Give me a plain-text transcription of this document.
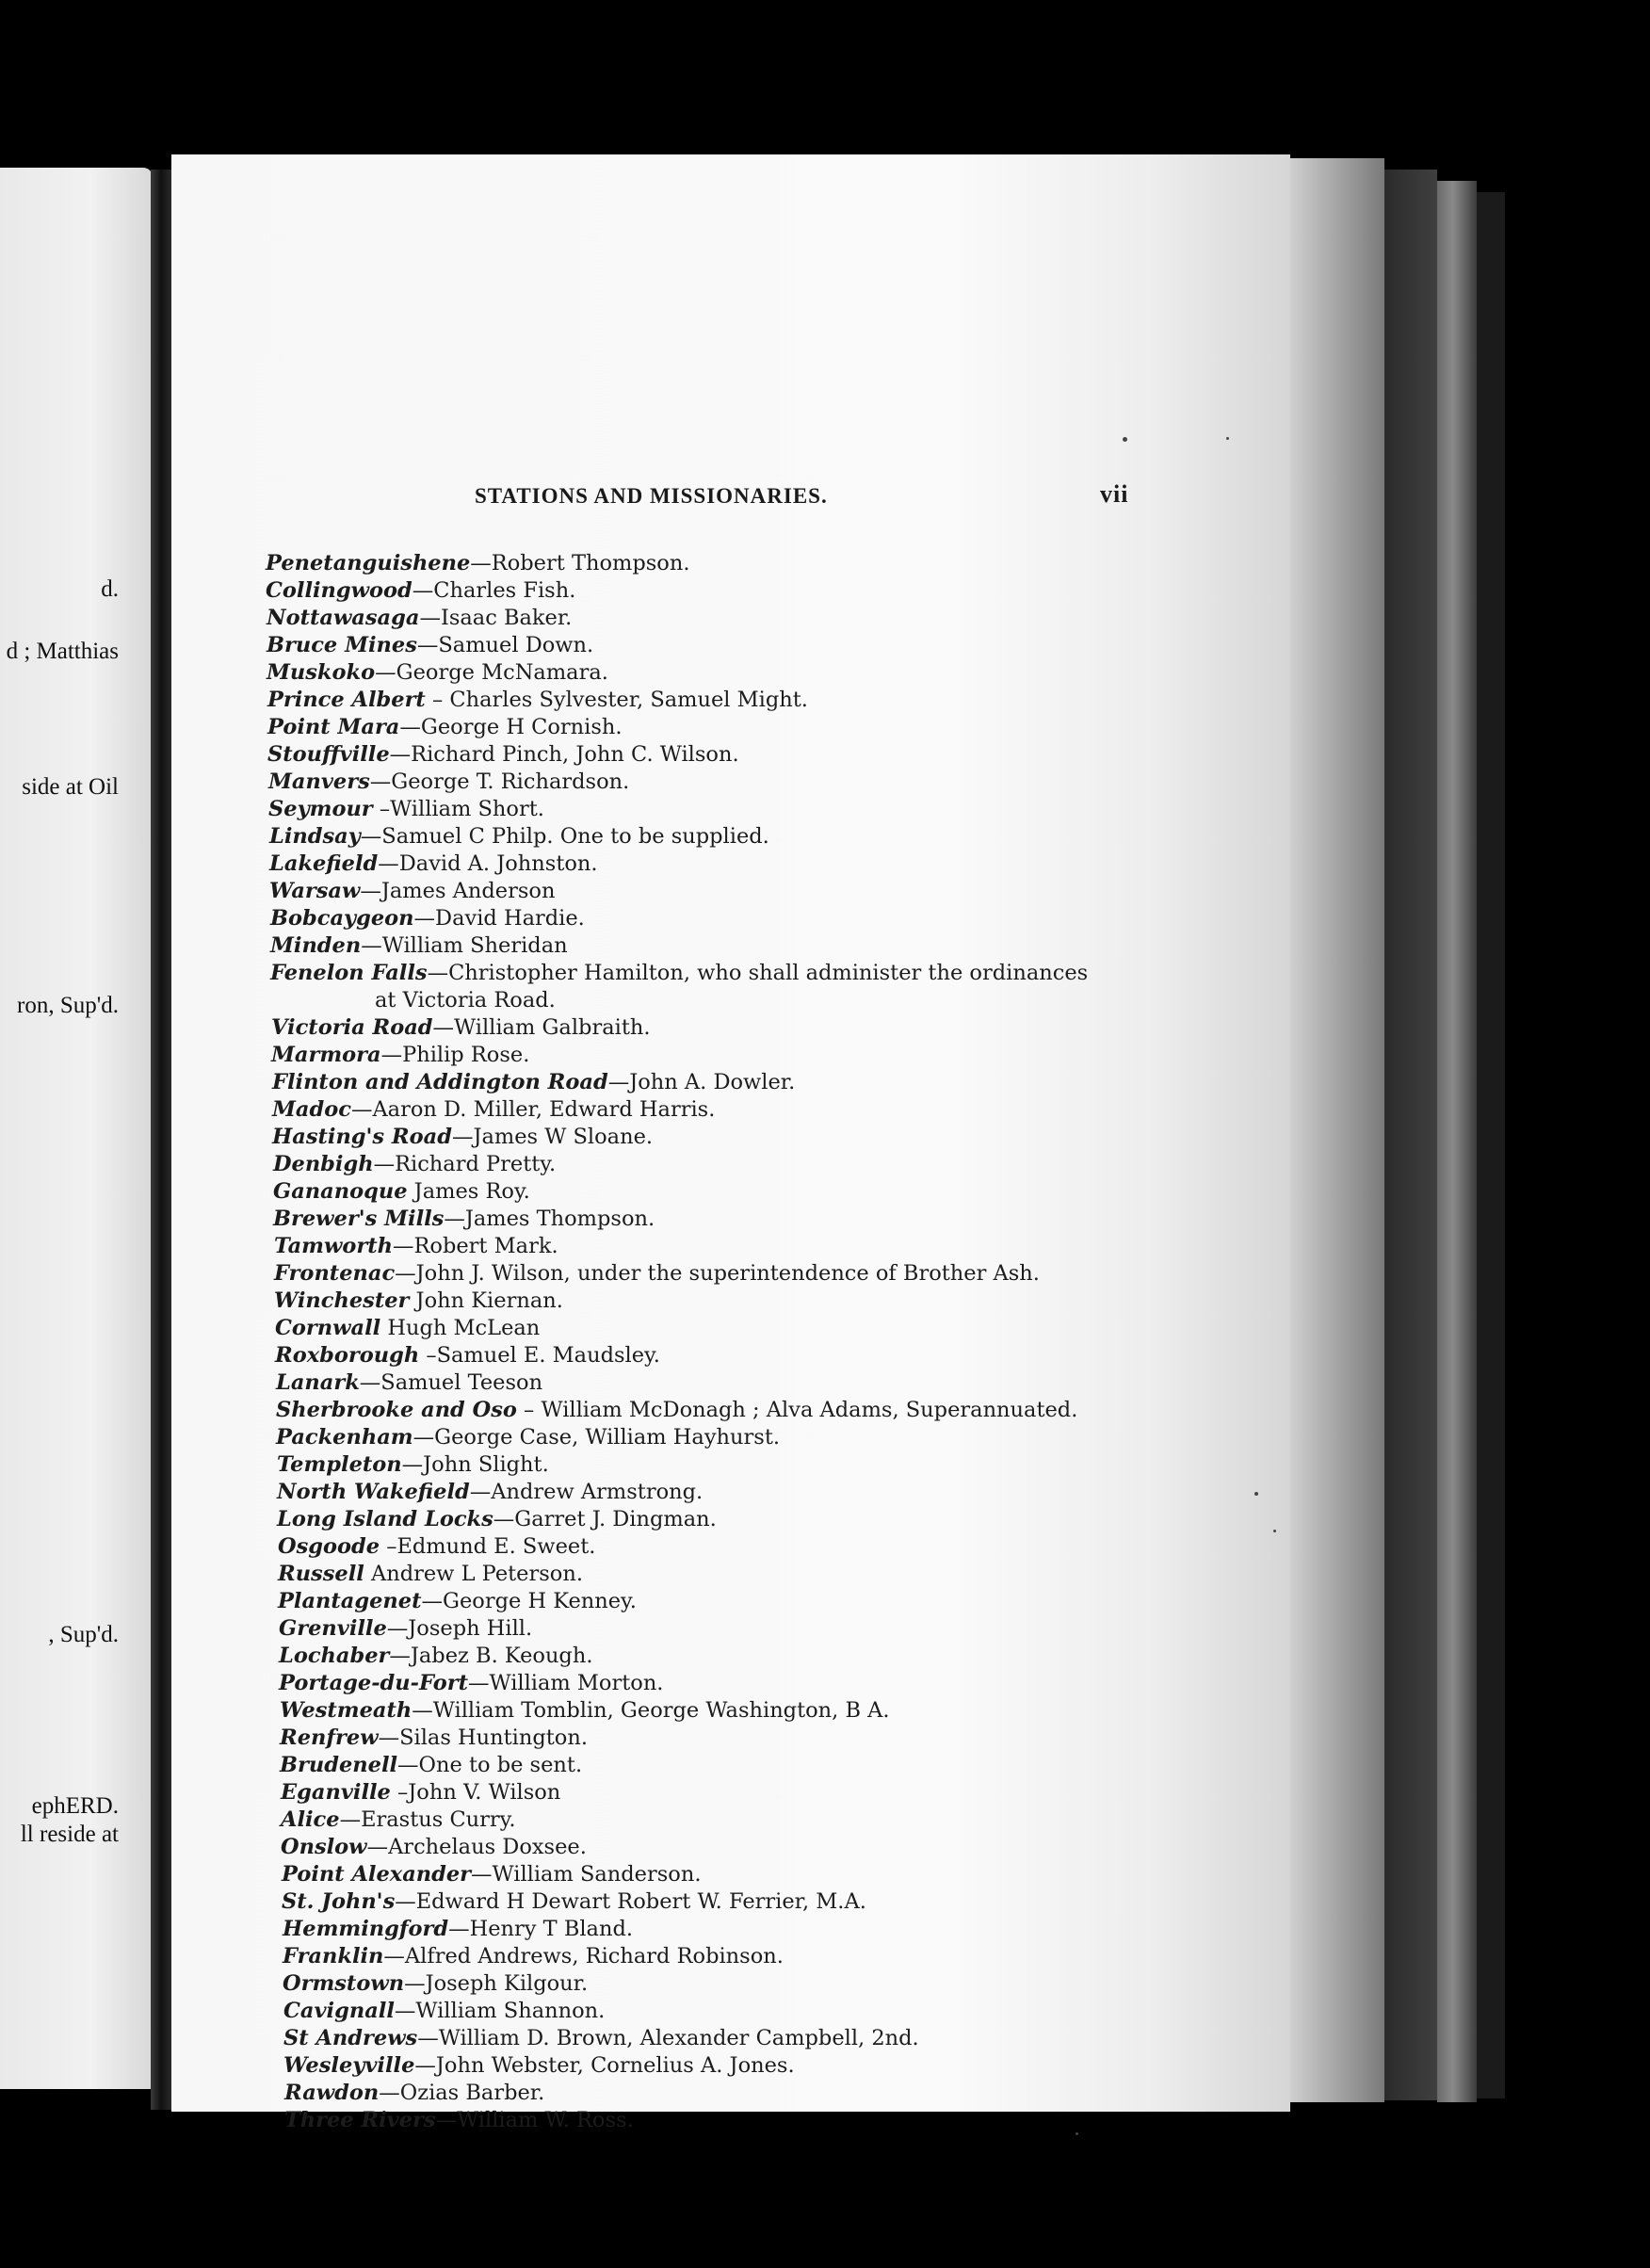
d.
d ; Matthias
side at Oil
ron, Sup'd.
, Sup'd.
ephERD.
ll reside at
STATIONS AND MISSIONARIES.	vii
Penetanguishene—Robert Thompson.
Collingwood—Charles Fish.
Nottawasaga—Isaac Baker.
Bruce Mines—Samuel Down.
Muskoko—George McNamara.
Prince Albert – Charles Sylvester, Samuel Might.
Point Mara—George H Cornish.
Stouffville—Richard Pinch, John C. Wilson.
Manvers—George T. Richardson.
Seymour –William Short.
Lindsay—Samuel C Philp. One to be supplied.
Lakefield—David A. Johnston.
Warsaw—James Anderson
Bobcaygeon—David Hardie.
Minden—William Sheridan
Fenelon Falls—Christopher Hamilton, who shall administer the ordinances
at Victoria Road.
Victoria Road—William Galbraith.
Marmora—Philip Rose.
Flinton and Addington Road—John A. Dowler.
Madoc—Aaron D. Miller, Edward Harris.
Hasting's Road—James W Sloane.
Denbigh—Richard Pretty.
Gananoque James Roy.
Brewer's Mills—James Thompson.
Tamworth—Robert Mark.
Frontenac—John J. Wilson, under the superintendence of Brother Ash.
Winchester John Kiernan.
Cornwall Hugh McLean
Roxborough –Samuel E. Maudsley.
Lanark—Samuel Teeson
Sherbrooke and Oso – William McDonagh ; Alva Adams, Superannuated.
Packenham—George Case, William Hayhurst.
Templeton—John Slight.
North Wakefield—Andrew Armstrong.
Long Island Locks—Garret J. Dingman.
Osgoode –Edmund E. Sweet.
Russell Andrew L Peterson.
Plantagenet—George H Kenney.
Grenville—Joseph Hill.
Lochaber—Jabez B. Keough.
Portage-du-Fort—William Morton.
Westmeath—William Tomblin, George Washington, B A.
Renfrew—Silas Huntington.
Brudenell—One to be sent.
Eganville –John V. Wilson
Alice—Erastus Curry.
Onslow—Archelaus Doxsee.
Point Alexander—William Sanderson.
St. John's—Edward H Dewart Robert W. Ferrier, M.A.
Hemmingford—Henry T Bland.
Franklin—Alfred Andrews, Richard Robinson.
Ormstown—Joseph Kilgour.
Cavignall—William Shannon.
St Andrews—William D. Brown, Alexander Campbell, 2nd.
Wesleyville—John Webster, Cornelius A. Jones.
Rawdon—Ozias Barber.
Three Rivers—William W. Ross.
